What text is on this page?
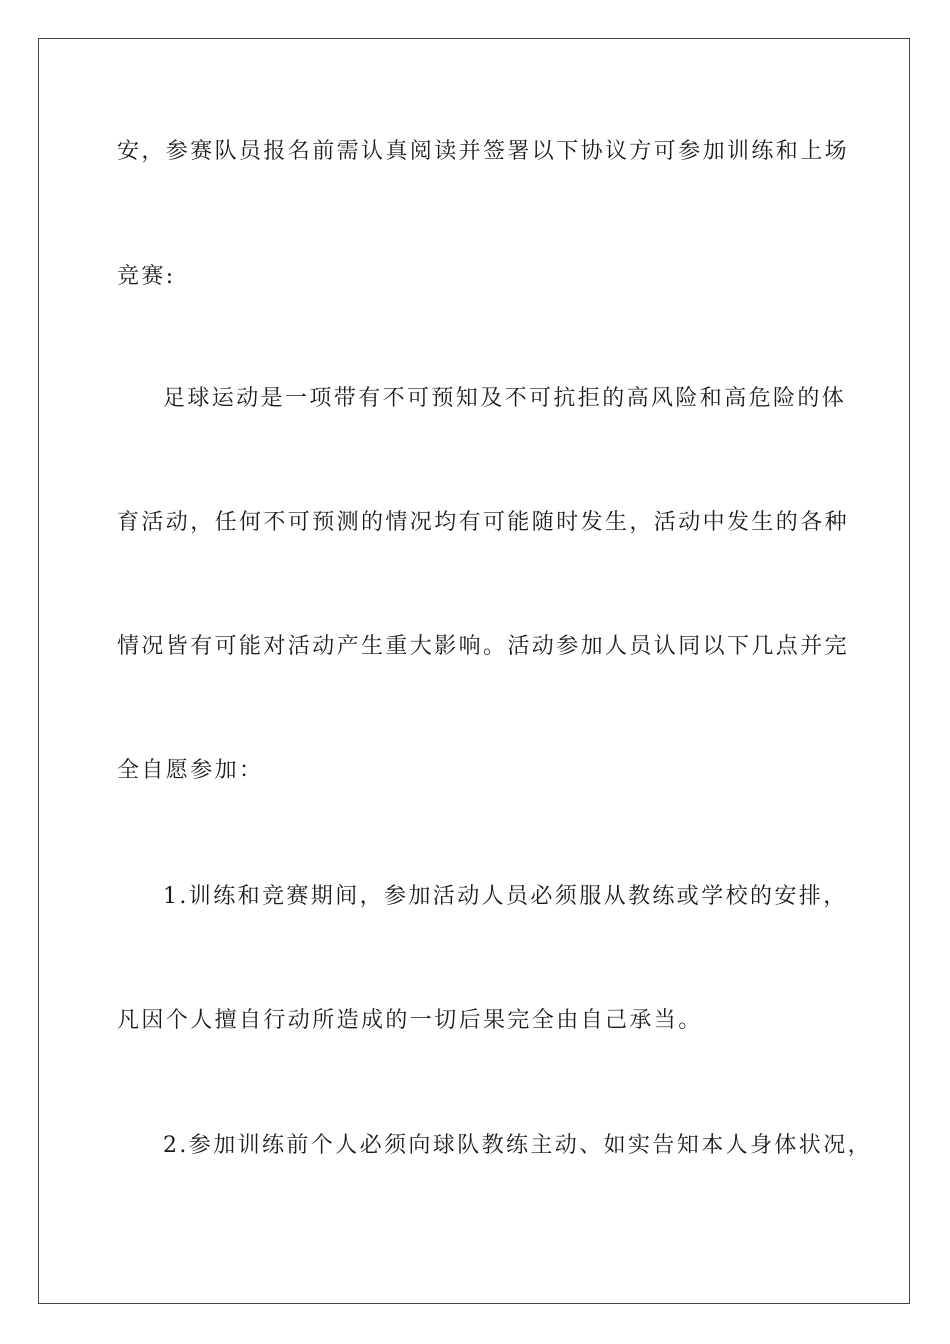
安，参赛队员报名前需认真阅读并签署以下协议方可参加训练和上场
竞赛:
足球运动是一项带有不可预知及不可抗拒的高风险和高危险的体
育活动，任何不可预测的情况均有可能随时发生，活动中发生的各种
情况皆有可能对活动产生重大影响。活动参加人员认同以下几点并完
全自愿参加：
1.训练和竞赛期间，参加活动人员必须服从教练或学校的安排，
凡因个人擅自行动所造成的一切后果完全由自己承当。
2.参加训练前个人必须向球队教练主动、如实告知本人身体状况，
